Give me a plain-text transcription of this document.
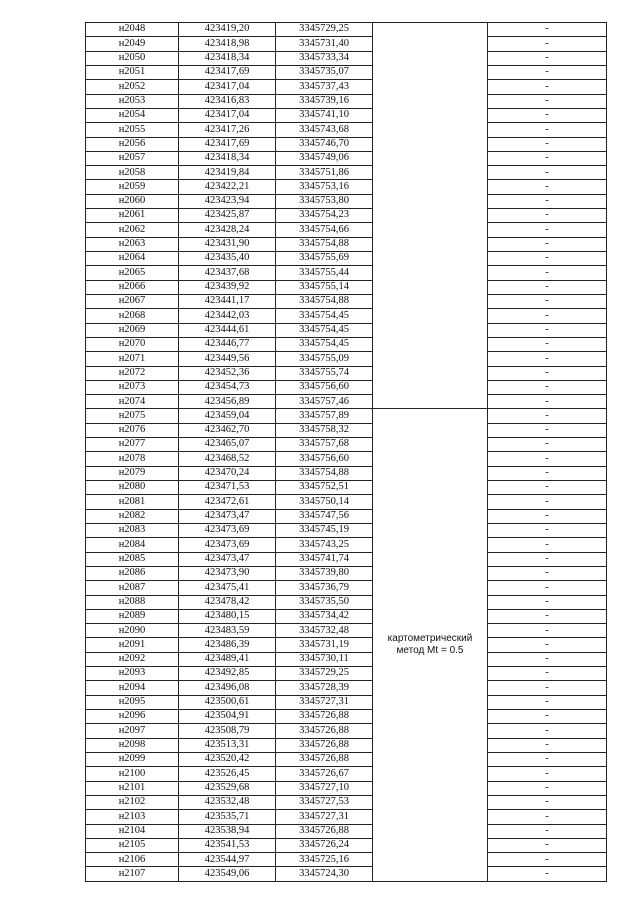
н2048	423419,20	3345729,25		-
н2049	423418,98	3345731,40		-
н2050	423418,34	3345733,34		-
н2051	423417,69	3345735,07		-
н2052	423417,04	3345737,43		-
н2053	423416,83	3345739,16		-
н2054	423417,04	3345741,10		-
н2055	423417,26	3345743,68		-
н2056	423417,69	3345746,70		-
н2057	423418,34	3345749,06		-
н2058	423419,84	3345751,86		-
н2059	423422,21	3345753,16		-
н2060	423423,94	3345753,80		-
н2061	423425,87	3345754,23		-
н2062	423428,24	3345754,66		-
н2063	423431,90	3345754,88		-
н2064	423435,40	3345755,69		-
н2065	423437,68	3345755,44		-
н2066	423439,92	3345755,14		-
н2067	423441,17	3345754,88		-
н2068	423442,03	3345754,45		-
н2069	423444,61	3345754,45		-
н2070	423446,77	3345754,45		-
н2071	423449,56	3345755,09		-
н2072	423452,36	3345755,74		-
н2073	423454,73	3345756,60		-
н2074	423456,89	3345757,46		-
н2075	423459,04	3345757,89	картометрический метод Mt = 0.5	-
н2076	423462,70	3345758,32		-
н2077	423465,07	3345757,68		-
н2078	423468,52	3345756,60		-
н2079	423470,24	3345754,88		-
н2080	423471,53	3345752,51		-
н2081	423472,61	3345750,14		-
н2082	423473,47	3345747,56		-
н2083	423473,69	3345745,19		-
н2084	423473,69	3345743,25		-
н2085	423473,47	3345741,74		-
н2086	423473,90	3345739,80		-
н2087	423475,41	3345736,79		-
н2088	423478,42	3345735,50		-
н2089	423480,15	3345734,42		-
н2090	423483,59	3345732,48		-
н2091	423486,39	3345731,19		-
н2092	423489,41	3345730,11		-
н2093	423492,85	3345729,25		-
н2094	423496,08	3345728,39		-
н2095	423500,61	3345727,31		-
н2096	423504,91	3345726,88		-
н2097	423508,79	3345726,88		-
н2098	423513,31	3345726,88		-
н2099	423520,42	3345726,88		-
н2100	423526,45	3345726,67		-
н2101	423529,68	3345727,10		-
н2102	423532,48	3345727,53		-
н2103	423535,71	3345727,31		-
н2104	423538,94	3345726,88		-
н2105	423541,53	3345726,24		-
н2106	423544,97	3345725,16		-
н2107	423549,06	3345724,30		-
